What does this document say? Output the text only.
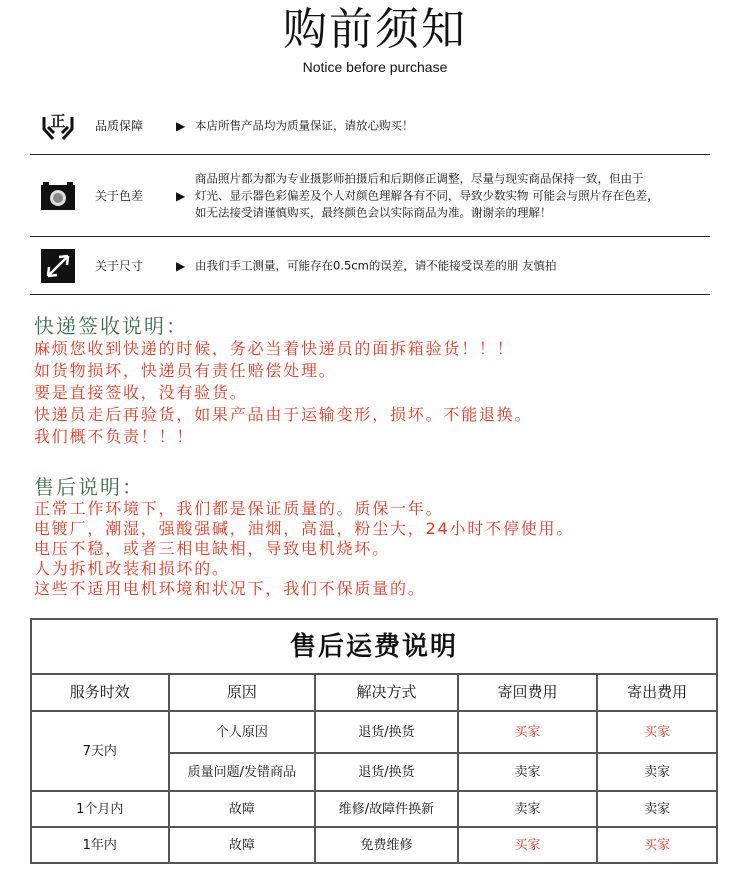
购前须知
Notice before purchase
正 品质保障	▶ 本店所售产品均为质量保证，请放心购买！
关于色差	▶
商品照片都为都为专业摄影师拍摄后和后期修正调整，尽量与现实商品保持一致，但由于
灯光、显示器色彩偏差及个人对颜色理解各有不同，导致少数实物 可能会与照片存在色差，
如无法接受请谨慎购买，最终颜色会以实际商品为准。谢谢亲的理解！
关于尺寸	▶ 由我们手工测量，可能存在0.5cm的误差，请不能接受误差的朋 友慎拍
快递签收说明：

麻烦您收到快递的时候，务必当着快递员的面拆箱验货！！！

如货物损坏，快递员有责任赔偿处理。

要是直接签收，没有验货。

快递员走后再验货，如果产品由于运输变形，损坏。不能退换。

我们概不负责！！！

售后说明：

正常工作环境下，我们都是保证质量的。质保一年。

电镀厂，潮湿，强酸强碱，油烟，高温，粉尘大，24小时不停使用。

电压不稳，或者三相电缺相，导致电机烧坏。

人为拆机改装和损坏的。

这些不适用电机环境和状况下，我们不保质量的。

售后运费说明				
服务时效	原因	解决方式	寄回费用	寄出费用
7天内	个人原因	退货/换货	买家	买家
	质量问题/发错商品	退货/换货	卖家	卖家
1个月内	故障	维修/故障件换新	卖家	卖家
1年内	故障	免费维修	买家	买家
